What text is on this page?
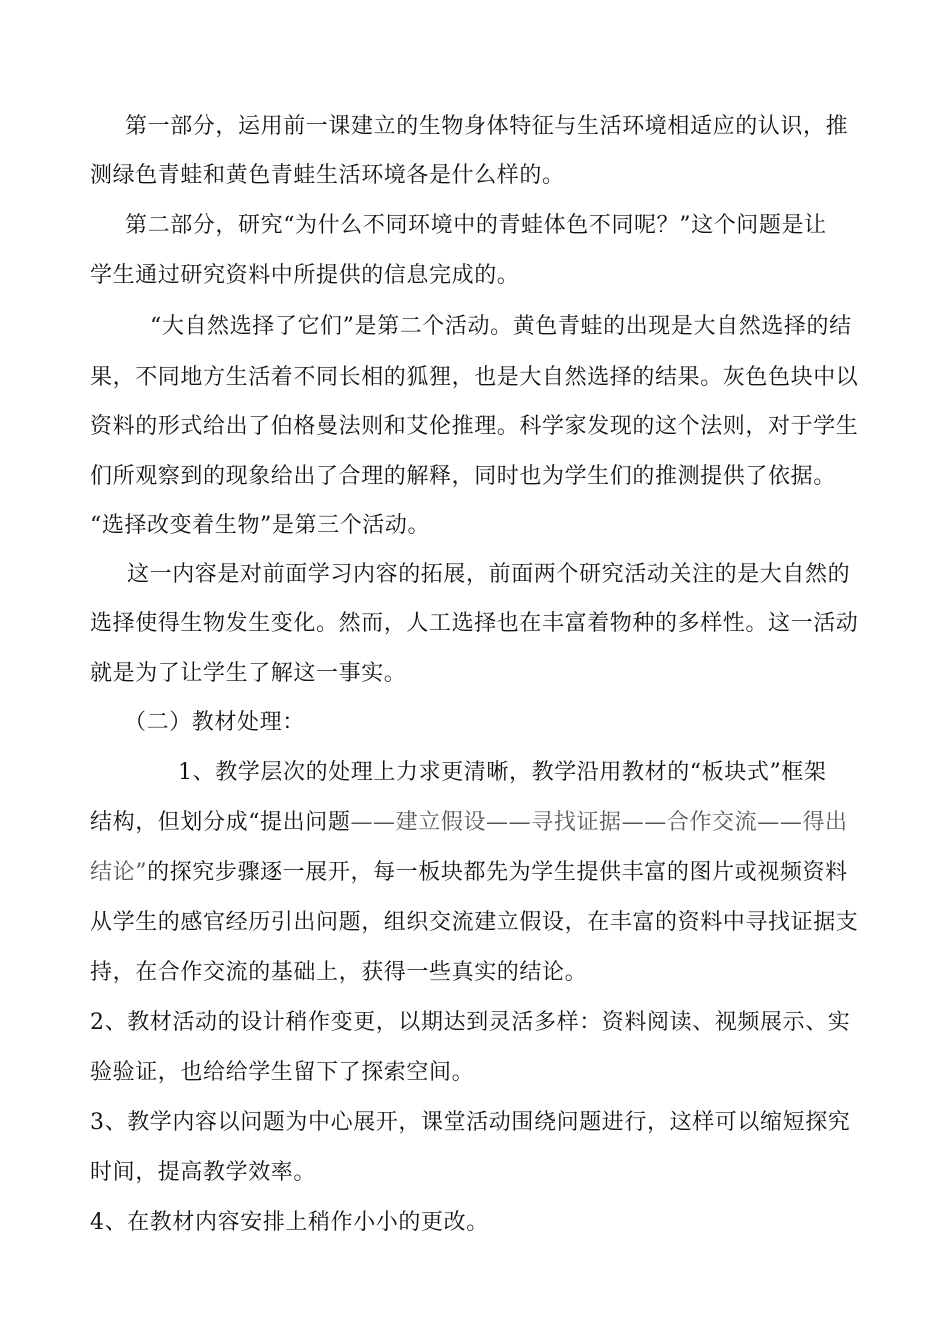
第一部分，运用前一课建立的生物身体特征与生活环境相适应的认识，推
测绿色青蛙和黄色青蛙生活环境各是什么样的。
第二部分，研究“为什么不同环境中的青蛙体色不同呢？”这个问题是让
学生通过研究资料中所提供的信息完成的。
“大自然选择了它们”是第二个活动。黄色青蛙的出现是大自然选择的结
果，不同地方生活着不同长相的狐狸，也是大自然选择的结果。灰色色块中以
资料的形式给出了伯格曼法则和艾伦推理。科学家发现的这个法则，对于学生
们所观察到的现象给出了合理的解释，同时也为学生们的推测提供了依据。
“选择改变着生物”是第三个活动。
这一内容是对前面学习内容的拓展，前面两个研究活动关注的是大自然的
选择使得生物发生变化。然而，人工选择也在丰富着物种的多样性。这一活动
就是为了让学生了解这一事实。
（二）教材处理：
1、教学层次的处理上力求更清晰，教学沿用教材的“板块式”框架
结构，但划分成“提出问题——建立假设——寻找证据——合作交流——得出
结论”的探究步骤逐一展开，每一板块都先为学生提供丰富的图片或视频资料
从学生的感官经历引出问题，组织交流建立假设，在丰富的资料中寻找证据支
持，在合作交流的基础上，获得一些真实的结论。
2、教材活动的设计稍作变更，以期达到灵活多样：资料阅读、视频展示、实
验验证，也给给学生留下了探索空间。
3、教学内容以问题为中心展开，课堂活动围绕问题进行，这样可以缩短探究
时间，提高教学效率。
4、在教材内容安排上稍作小小的更改。
